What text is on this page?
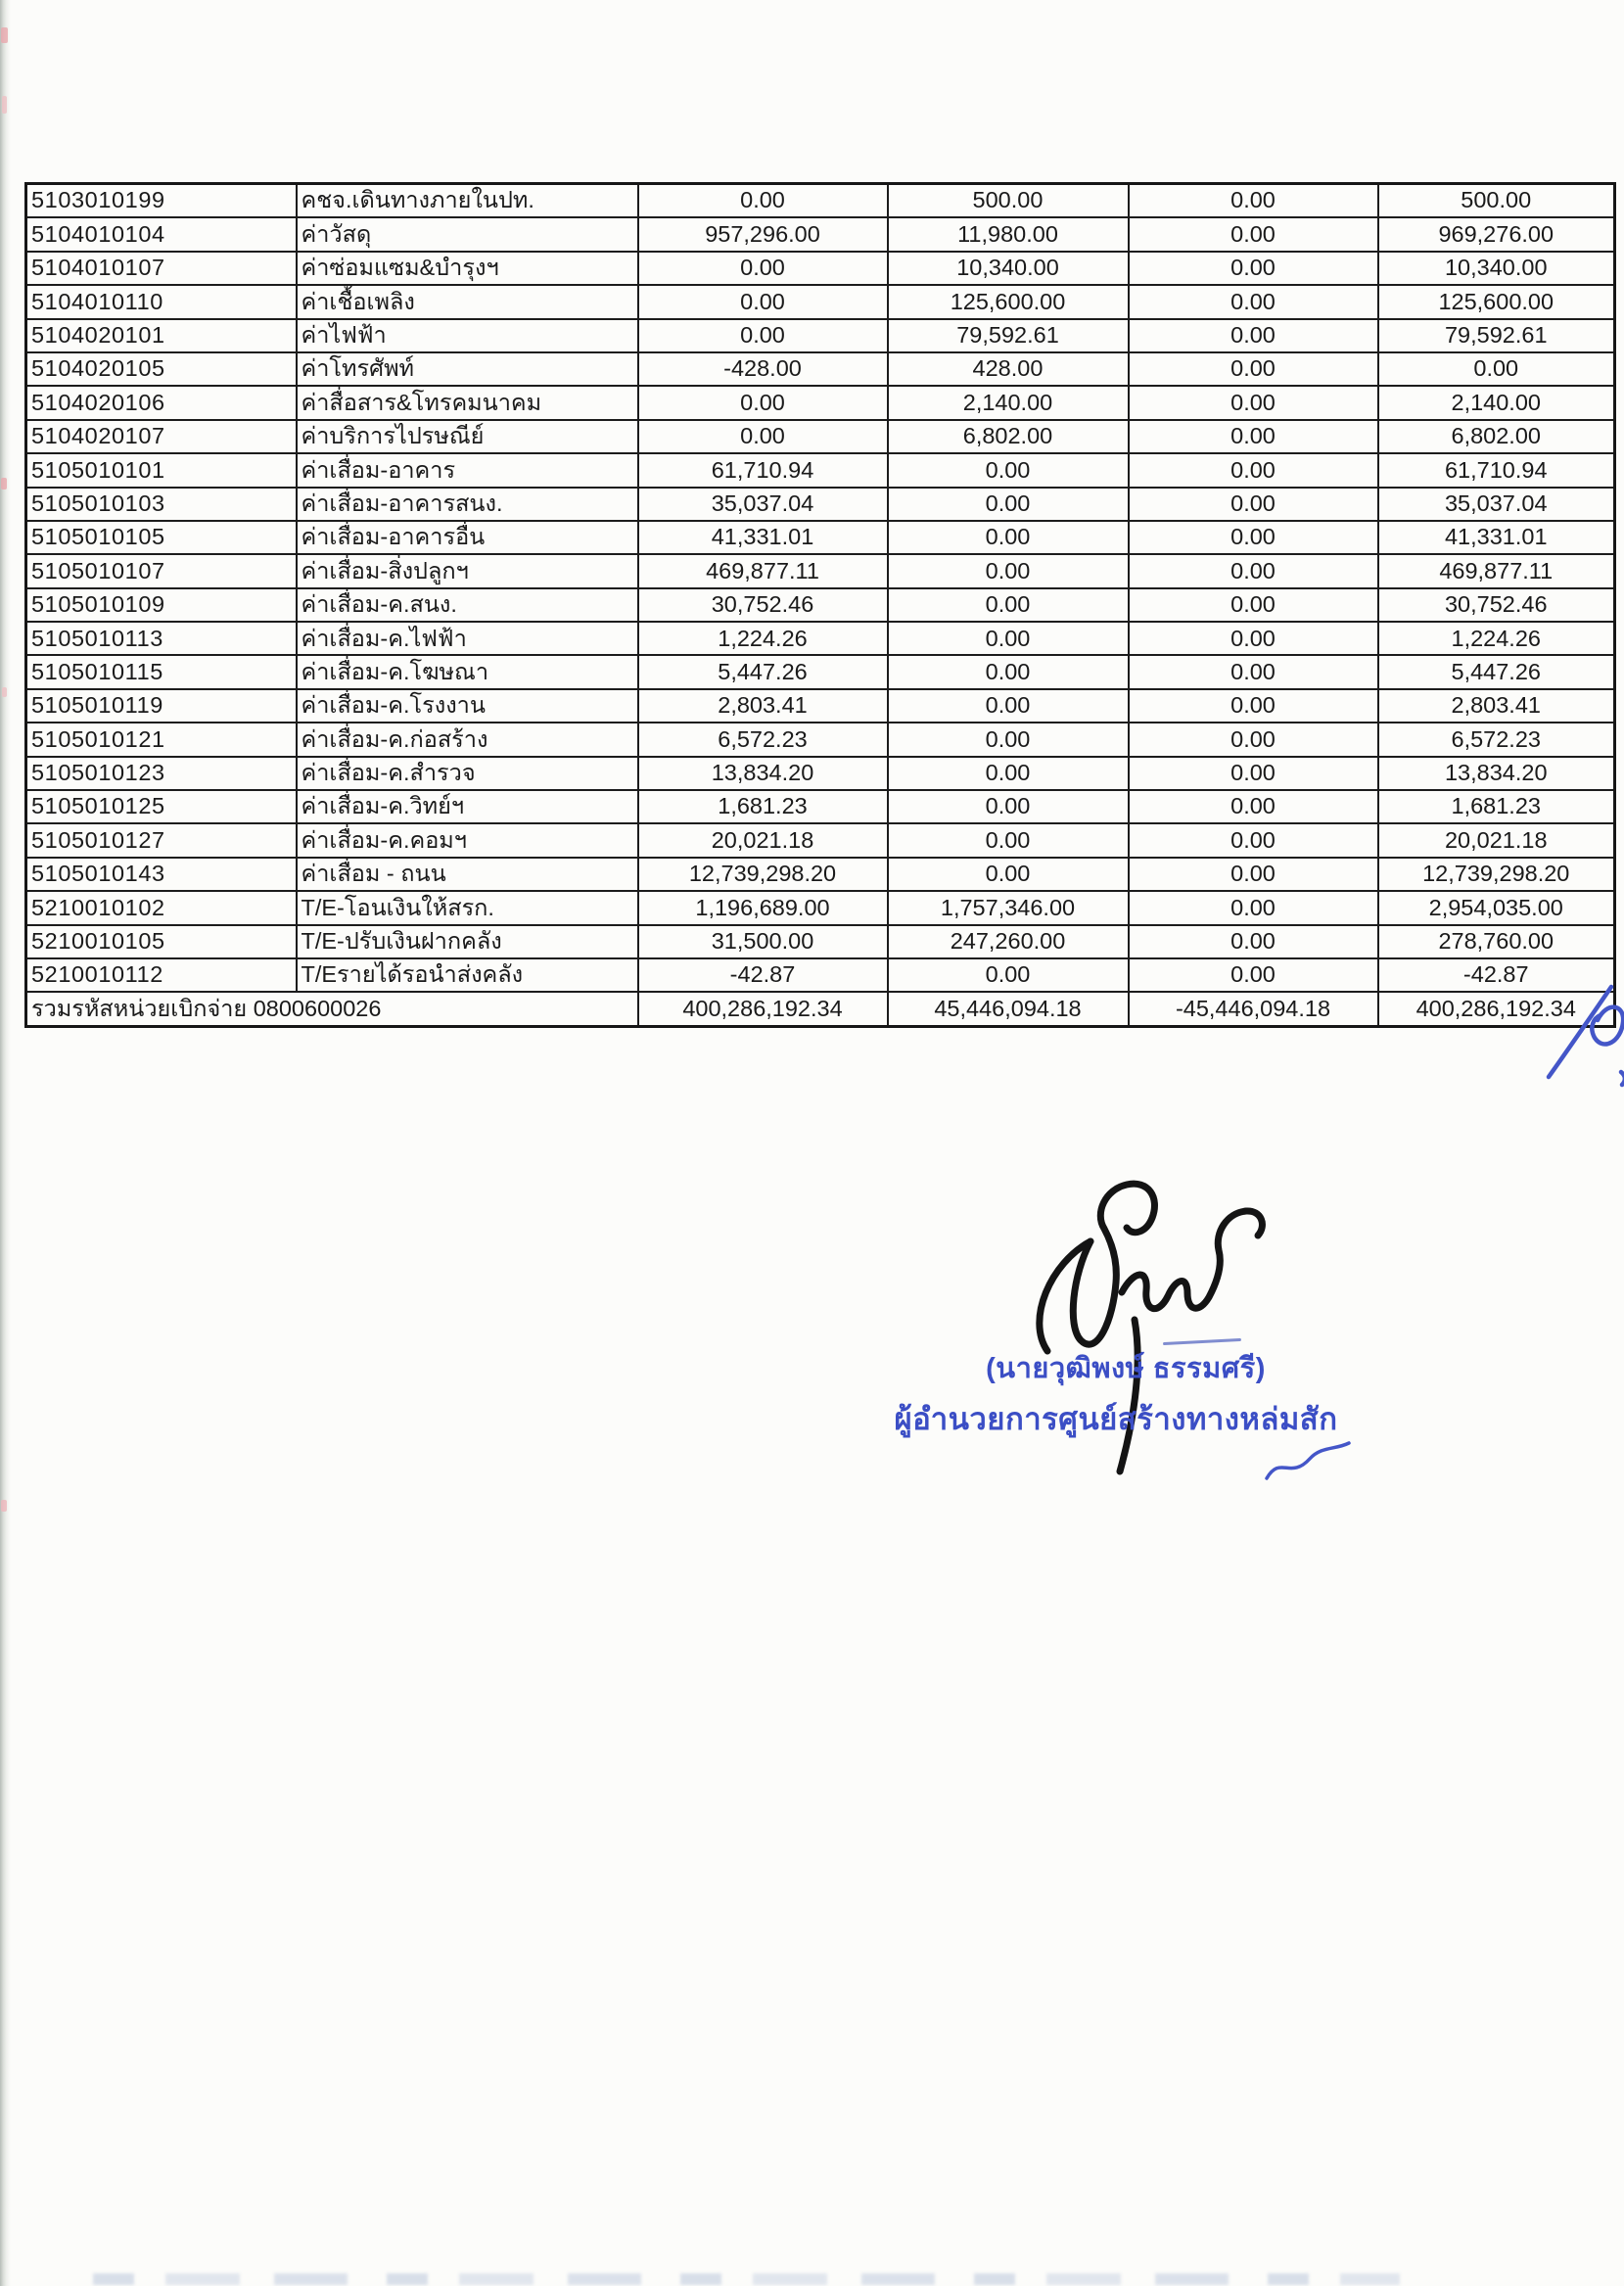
5103010199	คชจ.เดินทางภายในปท.	0.00	500.00	0.00	500.00
5104010104	ค่าวัสดุ	957,296.00	11,980.00	0.00	969,276.00
5104010107	ค่าซ่อมแซม&บำรุงฯ	0.00	10,340.00	0.00	10,340.00
5104010110	ค่าเชื้อเพลิง	0.00	125,600.00	0.00	125,600.00
5104020101	ค่าไฟฟ้า	0.00	79,592.61	0.00	79,592.61
5104020105	ค่าโทรศัพท์	-428.00	428.00	0.00	0.00
5104020106	ค่าสื่อสาร&โทรคมนาคม	0.00	2,140.00	0.00	2,140.00
5104020107	ค่าบริการไปรษณีย์	0.00	6,802.00	0.00	6,802.00
5105010101	ค่าเสื่อม-อาคาร	61,710.94	0.00	0.00	61,710.94
5105010103	ค่าเสื่อม-อาคารสนง.	35,037.04	0.00	0.00	35,037.04
5105010105	ค่าเสื่อม-อาคารอื่น	41,331.01	0.00	0.00	41,331.01
5105010107	ค่าเสื่อม-สิ่งปลูกฯ	469,877.11	0.00	0.00	469,877.11
5105010109	ค่าเสื่อม-ค.สนง.	30,752.46	0.00	0.00	30,752.46
5105010113	ค่าเสื่อม-ค.ไฟฟ้า	1,224.26	0.00	0.00	1,224.26
5105010115	ค่าเสื่อม-ค.โฆษณา	5,447.26	0.00	0.00	5,447.26
5105010119	ค่าเสื่อม-ค.โรงงาน	2,803.41	0.00	0.00	2,803.41
5105010121	ค่าเสื่อม-ค.ก่อสร้าง	6,572.23	0.00	0.00	6,572.23
5105010123	ค่าเสื่อม-ค.สำรวจ	13,834.20	0.00	0.00	13,834.20
5105010125	ค่าเสื่อม-ค.วิทย์ฯ	1,681.23	0.00	0.00	1,681.23
5105010127	ค่าเสื่อม-ค.คอมฯ	20,021.18	0.00	0.00	20,021.18
5105010143	ค่าเสื่อม - ถนน	12,739,298.20	0.00	0.00	12,739,298.20
5210010102	T/E-โอนเงินให้สรก.	1,196,689.00	1,757,346.00	0.00	2,954,035.00
5210010105	T/E-ปรับเงินฝากคลัง	31,500.00	247,260.00	0.00	278,760.00
5210010112	T/Eรายได้รอนำส่งคลัง	-42.87	0.00	0.00	-42.87
รวมรหัสหน่วยเบิกจ่าย 0800600026		400,286,192.34	45,446,094.18	-45,446,094.18	400,286,192.34
(นายวุฒิพงษ์ ธรรมศรี)
ผู้อำนวยการศูนย์สร้างทางหล่มสัก
